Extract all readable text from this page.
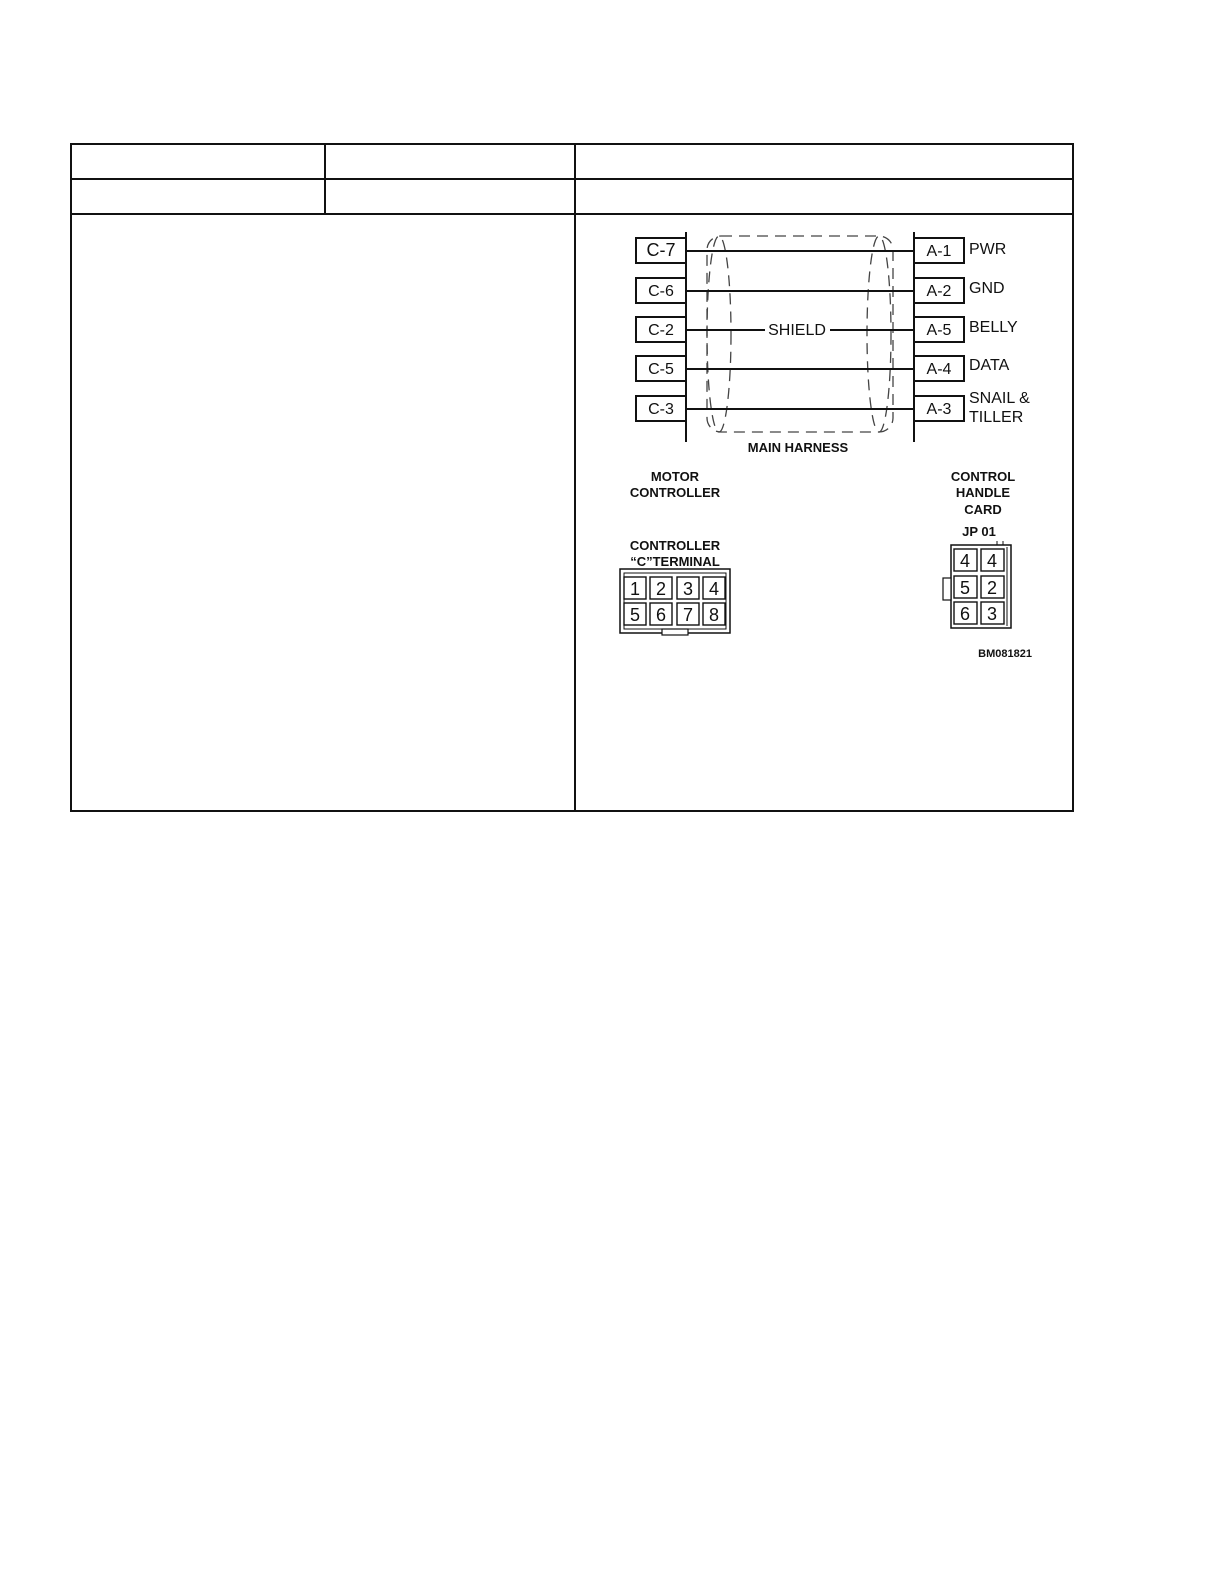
C-7
C-6
C-2
C-5
C-3
A-1
A-2
A-5
A-4
A-3
SHIELD
PWR
GND
BELLY
DATA
SNAIL &
TILLER
MAIN HARNESS
MOTOR
CONTROLLER
CONTROL
HANDLE
CARD
JP 01
CONTROLLER
“C”TERMINAL
1 2 3 4
5 6 7 8
4 4
5 2
6 3
BM081821
